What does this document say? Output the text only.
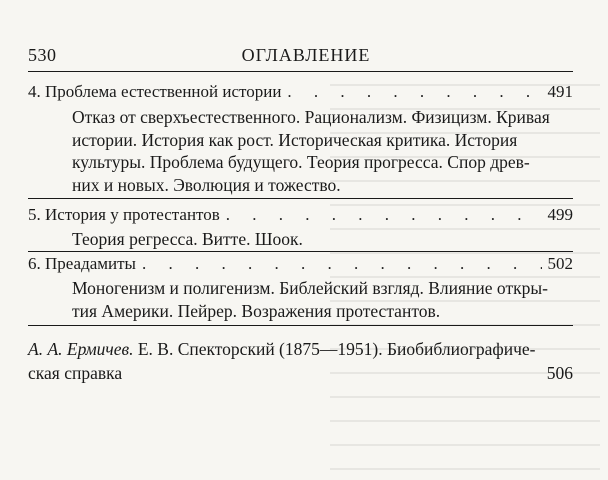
530	ОГЛАВЛЕНИЕ
4. Проблема естественной истории . . .	491
Отказ от сверхъестественного. Рационализм. Физицизм. Кривая
истории. История как рост. Историческая критика. История
культуры. Проблема будущего. Теория прогресса. Спор древ-
них и новых. Эволюция и тожество.
5. История у протестантов . . .	499
Теория регресса. Витте. Шоок.
6. Преадамиты . . .	502
Моногенизм и полигенизм. Библейский взгляд. Влияние откры-
тия Америки. Пейрер. Возражения протестантов.
А. А. Ермичев. Е. В. Спекторский (1875—1951). Биобиблиографиче-
ская справка	506
